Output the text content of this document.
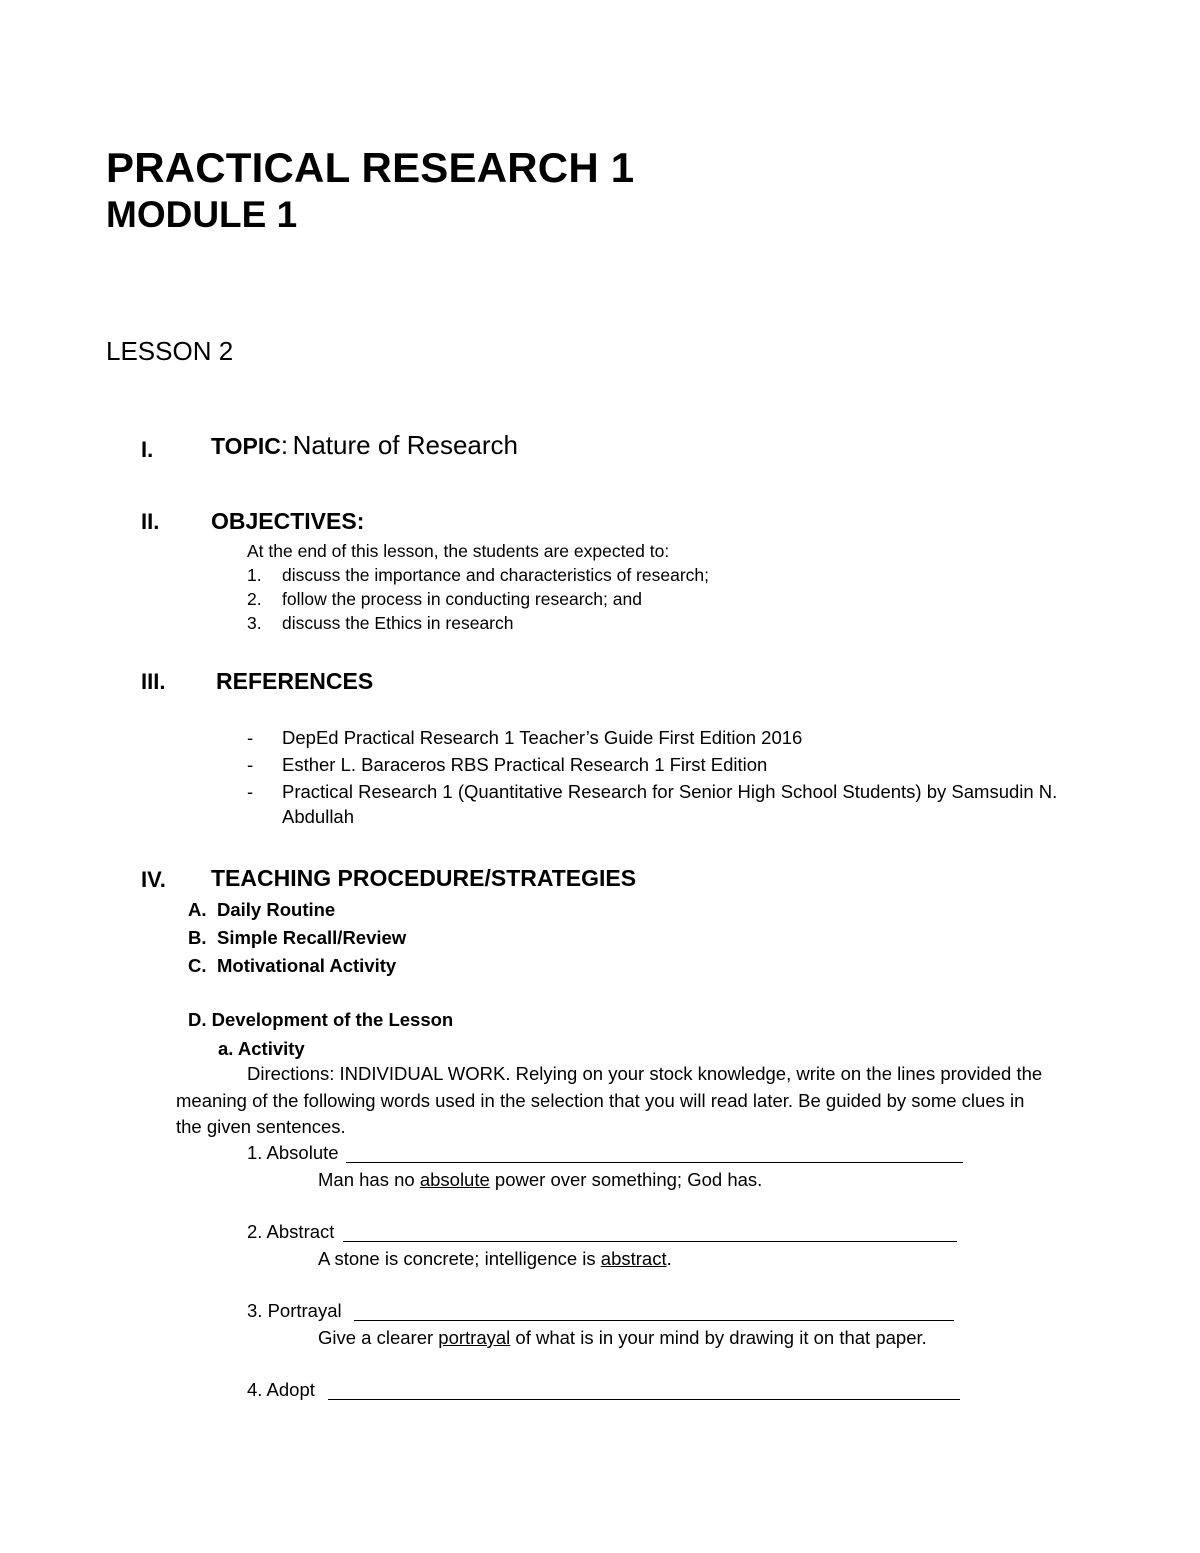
PRACTICAL RESEARCH 1
MODULE 1
LESSON 2
I.	TOPIC: Nature of Research
II. OBJECTIVES:
At the end of this lesson, the students are expected to:
1. discuss the importance and characteristics of research;
2. follow the process in conducting research; and
3. discuss the Ethics in research
III. REFERENCES
- DepEd Practical Research 1 Teacher’s Guide First Edition 2016
- Esther L. Baraceros RBS Practical Research 1 First Edition
- Practical Research 1 (Quantitative Research for Senior High School Students) by Samsudin N.
Abdullah
IV. TEACHING PROCEDURE/STRATEGIES
A. Daily Routine
B. Simple Recall/Review
C. Motivational Activity
D. Development of the Lesson
a. Activity
Directions: INDIVIDUAL WORK. Relying on your stock knowledge, write on the lines provided the
meaning of the following words used in the selection that you will read later. Be guided by some clues in
the given sentences.
1. Absolute
Man has no absolute power over something; God has.
2. Abstract
A stone is concrete; intelligence is abstract.
3. Portrayal
Give a clearer portrayal of what is in your mind by drawing it on that paper.
4. Adopt
